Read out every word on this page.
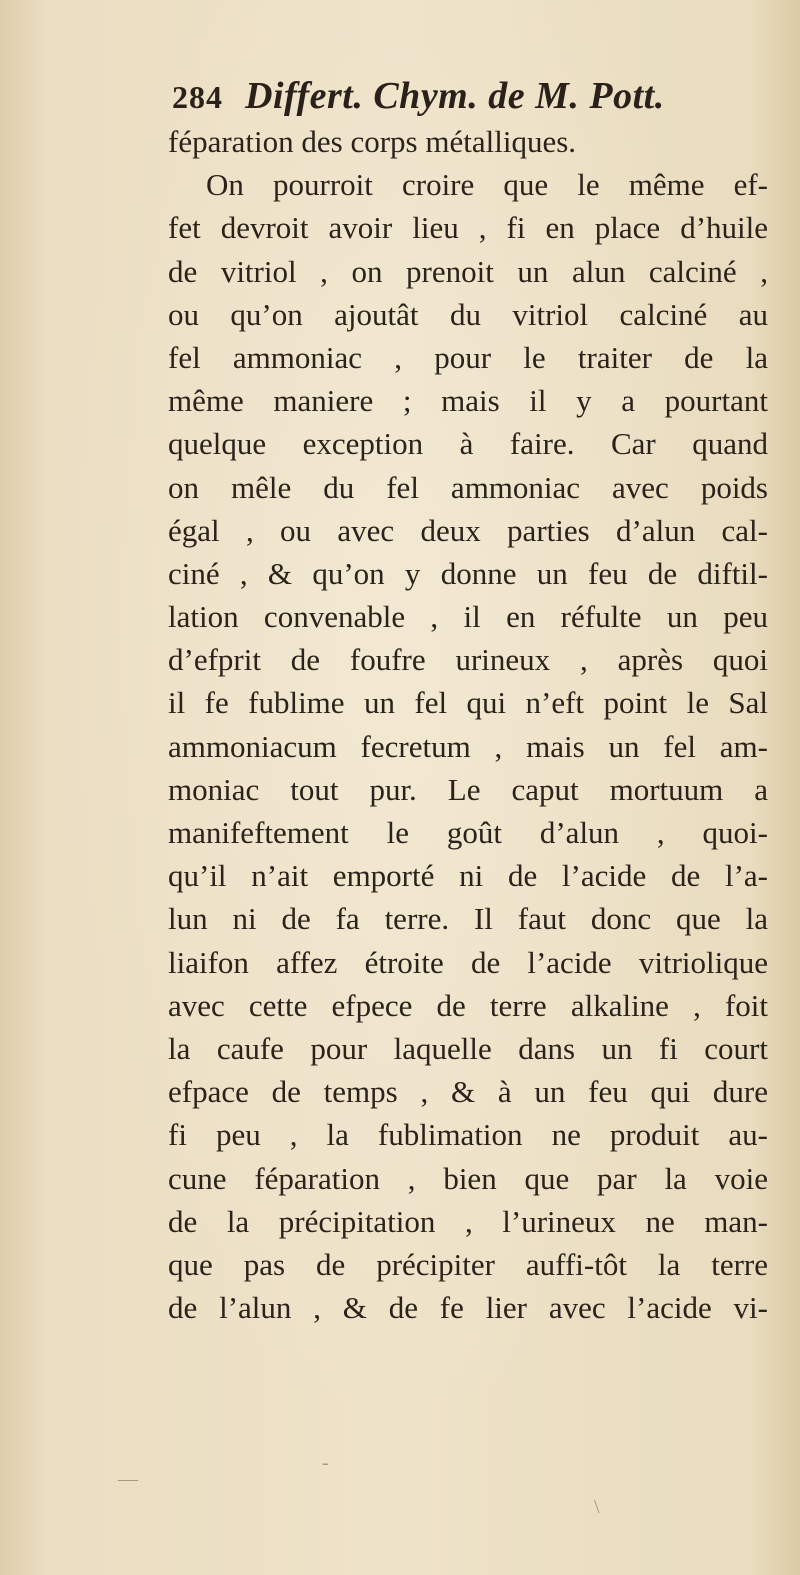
284 Differt. Chym. de M. Pott.
féparation des corps métalliques.
On pourroit croire que le même ef-
fet devroit avoir lieu , fi en place d’huile
de vitriol , on prenoit un alun calciné ,
ou qu’on ajoutât du vitriol calciné au
fel ammoniac , pour le traiter de la
même maniere ; mais il y a pourtant
quelque exception à faire. Car quand
on mêle du fel ammoniac avec poids
égal , ou avec deux parties d’alun cal-
ciné , & qu’on y donne un feu de diftil-
lation convenable , il en réfulte un peu
d’efprit de foufre urineux , après quoi
il fe fublime un fel qui n’eft point le Sal
ammoniacum fecretum , mais un fel am-
moniac tout pur. Le caput mortuum a
manifeftement le goût d’alun , quoi-
qu’il n’ait emporté ni de l’acide de l’a-
lun ni de fa terre. Il faut donc que la
liaifon affez étroite de l’acide vitriolique
avec cette efpece de terre alkaline , foit
la caufe pour laquelle dans un fi court
efpace de temps , & à un feu qui dure
fi peu , la fublimation ne produit au-
cune féparation , bien que par la voie
de la précipitation , l’urineux ne man-
que pas de précipiter auffi-tôt la terre
de l’alun , & de fe lier avec l’acide vi-
—
-
\
